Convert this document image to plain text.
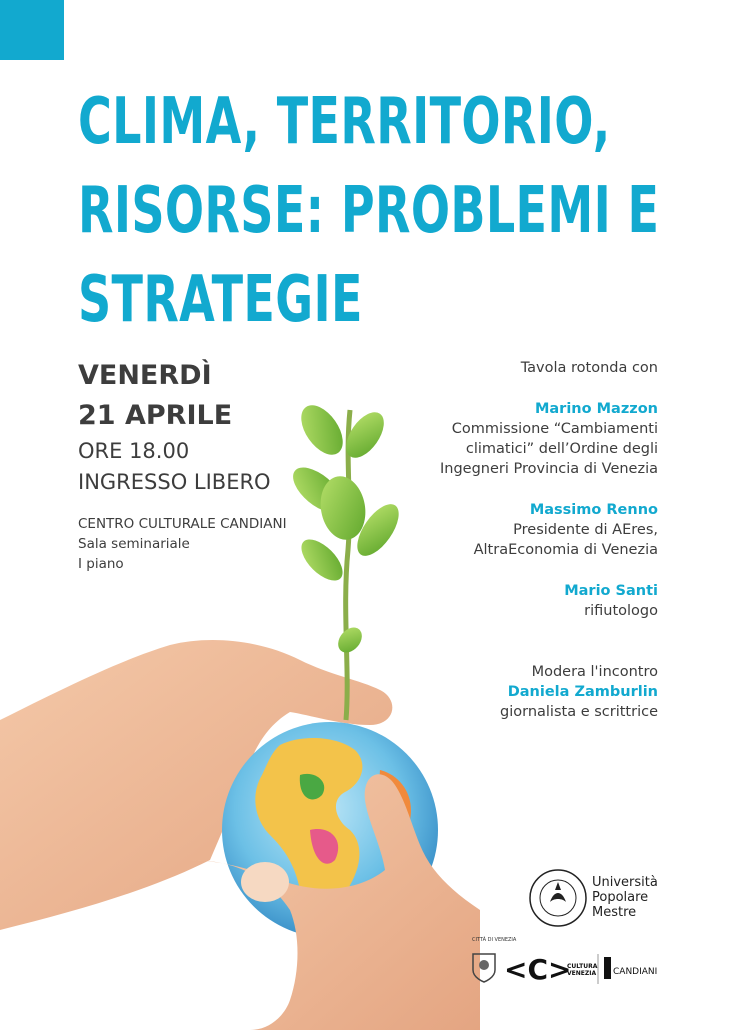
CLIMA, TERRITORIO,
RISORSE: PROBLEMI E
STRATEGIE
VENERDÌ
21 APRILE
ORE 18.00
INGRESSO LIBERO
CENTRO CULTURALE CANDIANI
Sala seminariale
I piano
Tavola rotonda con
Marino Mazzon
Commissione “Cambiamenti
climatici” dell’Ordine degli
Ingegneri Provincia di Venezia
Massimo Renno
Presidente di AEres,
AltraEconomia di Venezia
Mario Santi
rifiutologo
Modera l'incontro
Daniela Zamburlin
giornalista e scrittrice
Università
Popolare
Mestre
CITTÀ DI VENEZIA
<C>
CULTURA
VENEZIA CANDIANI
